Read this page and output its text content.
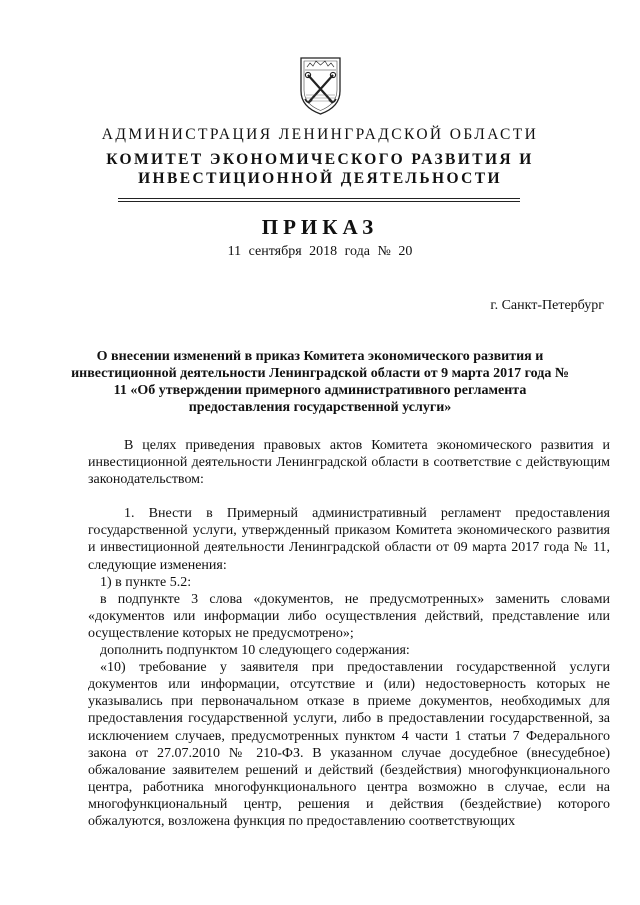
АДМИНИСТРАЦИЯ ЛЕНИНГРАДСКОЙ ОБЛАСТИ
КОМИТЕТ ЭКОНОМИЧЕСКОГО РАЗВИТИЯ И
ИНВЕСТИЦИОННОЙ ДЕЯТЕЛЬНОСТИ
ПРИКАЗ
11 сентября 2018 года № 20
г. Санкт-Петербург
О внесении изменений в приказ Комитета экономического развития и инвестиционной деятельности Ленинградской области от 9 марта 2017 года № 11 «Об утверждении примерного административного регламента предоставления государственной услуги»

В целях приведения правовых актов Комитета экономического развития и инвестиционной деятельности Ленинградской области в соответствие с действующим законодательством:

1. Внести в Примерный административный регламент предоставления государственной услуги, утвержденный приказом Комитета экономического развития и инвестиционной деятельности Ленинградской области от 09 марта 2017 года № 11, следующие изменения:

1) в пункте 5.2:

в подпункте 3 слова «документов, не предусмотренных» заменить словами «документов или информации либо осуществления действий, представление или осуществление которых не предусмотрено»;

дополнить подпунктом 10 следующего содержания:

«10) требование у заявителя при предоставлении государственной услуги документов или информации, отсутствие и (или) недостоверность которых не указывались при первоначальном отказе в приеме документов, необходимых для предоставления государственной услуги, либо в предоставлении государственной, за исключением случаев, предусмотренных пунктом 4 части 1 статьи 7 Федерального закона от 27.07.2010 № 210-ФЗ. В указанном случае досудебное (внесудебное) обжалование заявителем решений и действий (бездействия) многофункционального центра, работника многофункционального центра возможно в случае, если на многофункциональный центр, решения и действия (бездействие) которого обжалуются, возложена функция по предоставлению соответствующих
